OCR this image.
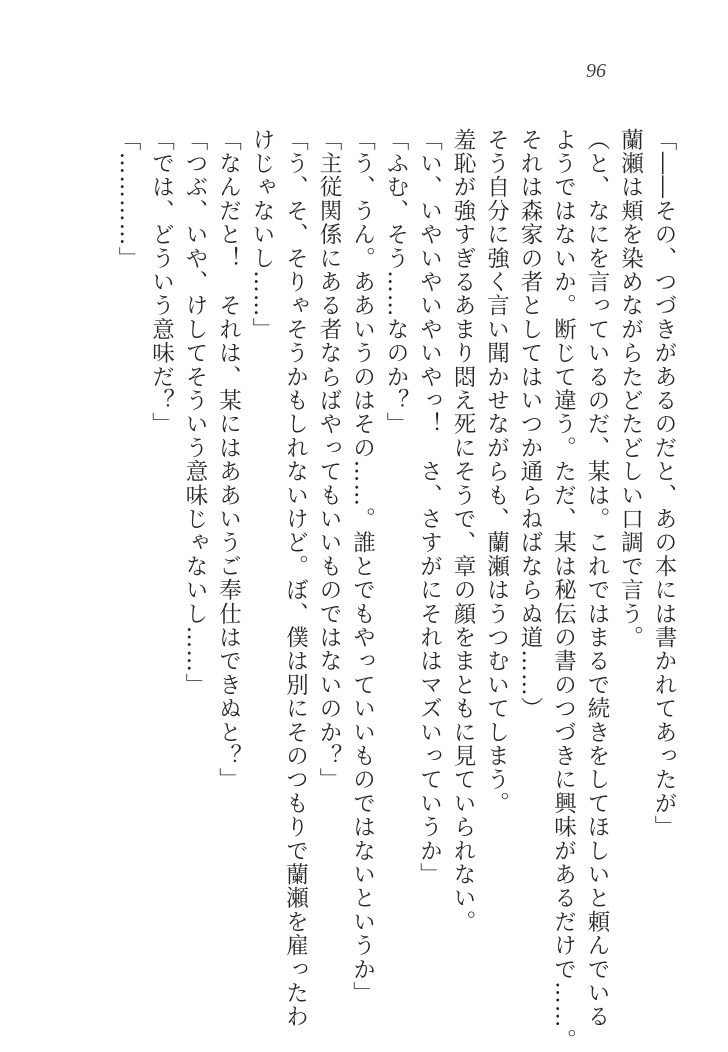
96
「――その、つづきがあるのだと、あの本には書かれてあったが」
蘭瀬は頬を染めながらたどたどしい口調で言う。
（と、なにを言っているのだ、某は。これではまるで続きをしてほしいと頼んでいる
ようではないか。断じて違う。ただ、某は秘伝の書のつづきに興味があるだけで……。
それは森家の者としてはいつか通らねばならぬ道……）
そう自分に強く言い聞かせながらも、蘭瀬はうつむいてしまう。
羞恥が強すぎるあまり悶え死にそうで、章の顔をまともに見ていられない。
「い、いやいやいやいやっ！　さ、さすがにそれはマズいっていうか」
「ふむ、そう……なのか？」
「う、うん。ああいうのはその……。誰とでもやっていいものではないというか」
「主従関係にある者ならばやってもいいものではないのか？」
「う、そ、そりゃそうかもしれないけど。ぼ、僕は別にそのつもりで蘭瀬を雇ったわ
けじゃないし……」
「なんだと！　それは、某にはああいうご奉仕はできぬと？」
「つぶ、いや、けしてそういう意味じゃないし……」
「では、どういう意味だ？」
「…………」
